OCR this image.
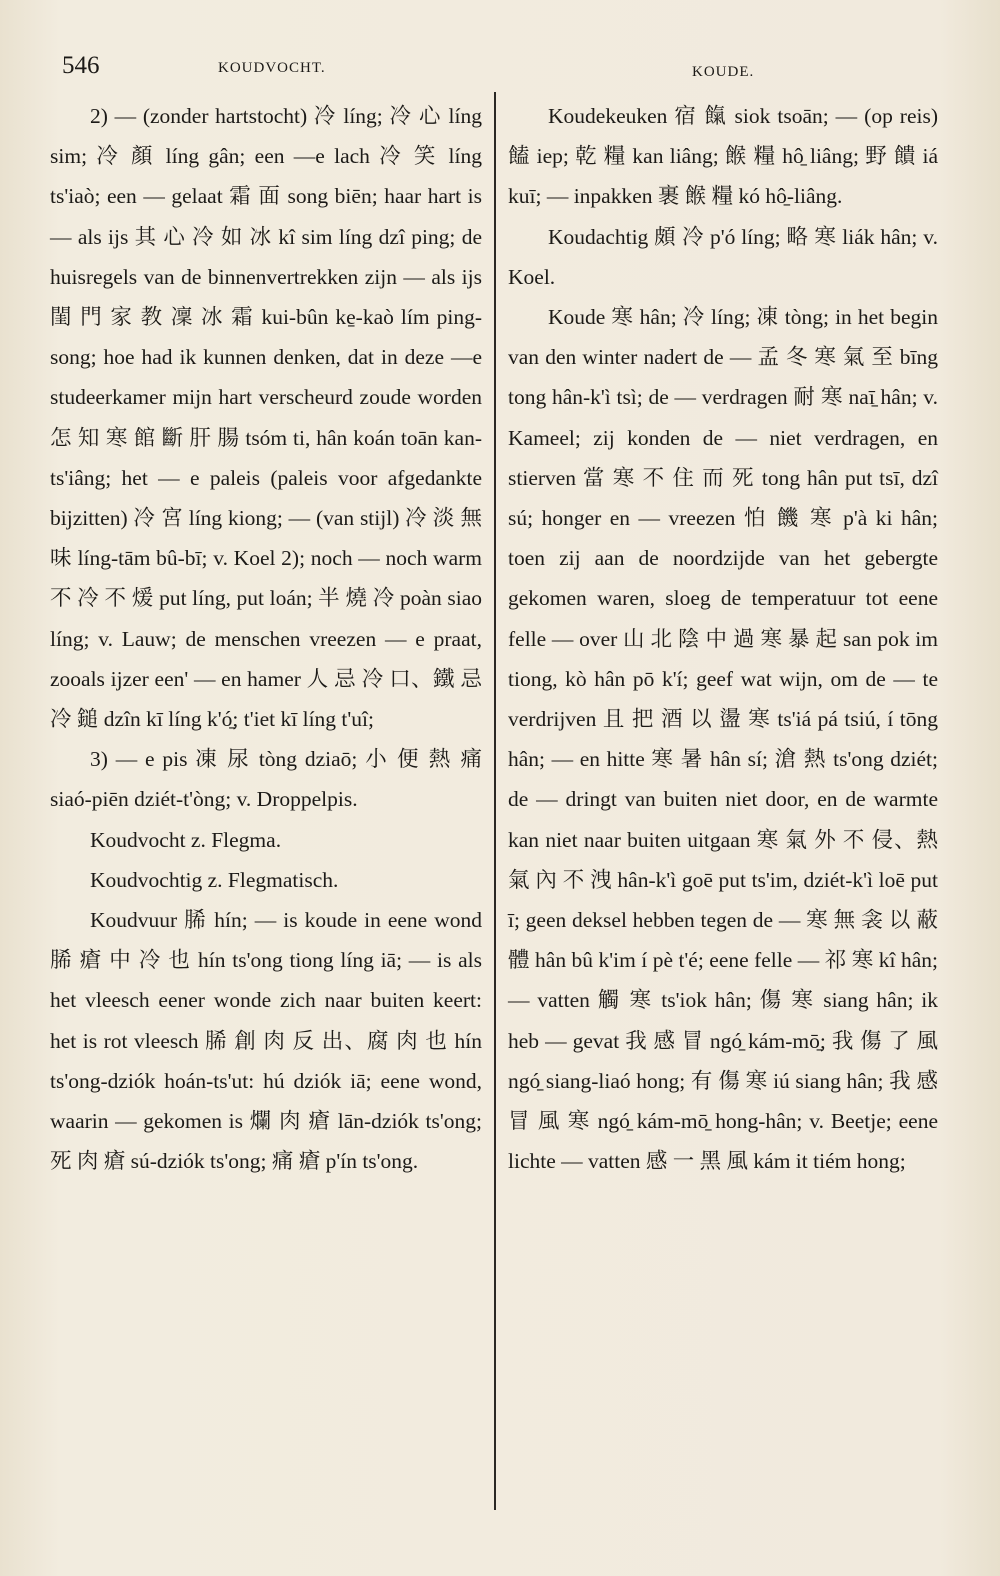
546	KOUDVOCHT.	KOUDE.

2) — (zonder hartstocht) 冷 líng; 冷 心 líng sim; 冷 顏 líng gân; een —e lach 冷 笑 líng ts'iaò; een — gelaat 霜 面 song biēn; haar hart is — als ijs 其 心 冷 如 冰 kî sim líng dzî ping; de huisregels van de binnenvertrekken zijn — als ijs 閨 門 家 教 凜 冰 霜 kui-bûn ke̱-kaò lím ping-song; hoe had ik kunnen denken, dat in deze —e studeerkamer mijn hart verscheurd zoude worden 怎 知 寒 館 斷 肝 腸 tsóm ti, hân koán toān kan-ts'iâng; het — e paleis (paleis voor afgedankte bijzitten) 冷 宮 líng kiong; — (van stijl) 冷 淡 無 味 líng-tām bû-bī; v. Koel 2); noch — noch warm 不 冷 不 煖 put líng, put loán; 半 燒 冷 poàn siao líng; v. Lauw; de menschen vreezen — e praat, zooals ijzer een' — en hamer 人 忌 冷 口、鐵 忌 冷 鎚 dzîn kī líng k'ó̱; t'iet kī líng t'uî;

3) — e pis 凍 尿 tòng dziaō; 小 便 熱 痛 siaó-piēn dziét-t'òng; v. Droppelpis.

Koudvocht z. Flegma.

Koudvochtig z. Flegmatisch.

Koudvuur 脪 hín; — is koude in eene wond 脪 瘡 中 冷 也 hín ts'ong tiong líng iā; — is als het vleesch eener wonde zich naar buiten keert: het is rot vleesch 脪 創 肉 反 出、腐 肉 也 hín ts'ong-dziók hoán-ts'ut: hú dziók iā; eene wond, waarin — gekomen is 爛 肉 瘡 lān-dziók ts'ong; 死 肉 瘡 sú-dziók ts'ong; 痛 瘡 p'ín ts'ong.

Koudekeuken 宿 餼 siok tsoān; — (op reis) 饁 iep; 乾 糧 kan liâng; 餱 糧 hô̱ liâng; 野 饋 iá kuī; — inpakken 裹 餱 糧 kó hô̱-liâng.

Koudachtig 頗 冷 p'ó líng; 略 寒 liák hân; v. Koel.

Koude 寒 hân; 冷 líng; 凍 tòng; in het begin van den winter nadert de — 孟 冬 寒 氣 至 bīng tong hân-k'ì tsì; de — verdragen 耐 寒 naī̱ hân; v. Kameel; zij konden de — niet verdragen, en stierven 當 寒 不 住 而 死 tong hân put tsī, dzî sú; honger en — vreezen 怕 饑 寒 p'à ki hân; toen zij aan de noordzijde van het gebergte gekomen waren, sloeg de temperatuur tot eene felle — over 山 北 陰 中 過 寒 暴 起 san pok im tiong, kò hân pō k'í; geef wat wijn, om de — te verdrijven 且 把 酒 以 盪 寒 ts'iá pá tsiú, í tōng hân; — en hitte 寒 暑 hân sí; 滄 熱 ts'ong dziét; de — dringt van buiten niet door, en de warmte kan niet naar buiten uitgaan 寒 氣 外 不 侵、熱 氣 內 不 洩 hân-k'ì goē put ts'im, dziét-k'ì loē put ī; geen deksel hebben tegen de — 寒 無 衾 以 蔽 體 hân bû k'im í pè t'é; eene felle — 祁 寒 kî hân; — vatten 觸 寒 ts'iok hân; 傷 寒 siang hân; ik heb — gevat 我 感 冒 ngó̱ kám-mō̱; 我 傷 了 風 ngó̱ siang-liaó hong; 有 傷 寒 iú siang hân; 我 感 冒 風 寒 ngó̱ kám-mō̱ hong-hân; v. Beetje; eene lichte — vatten 感 一 黑 風 kám it tiém hong;
